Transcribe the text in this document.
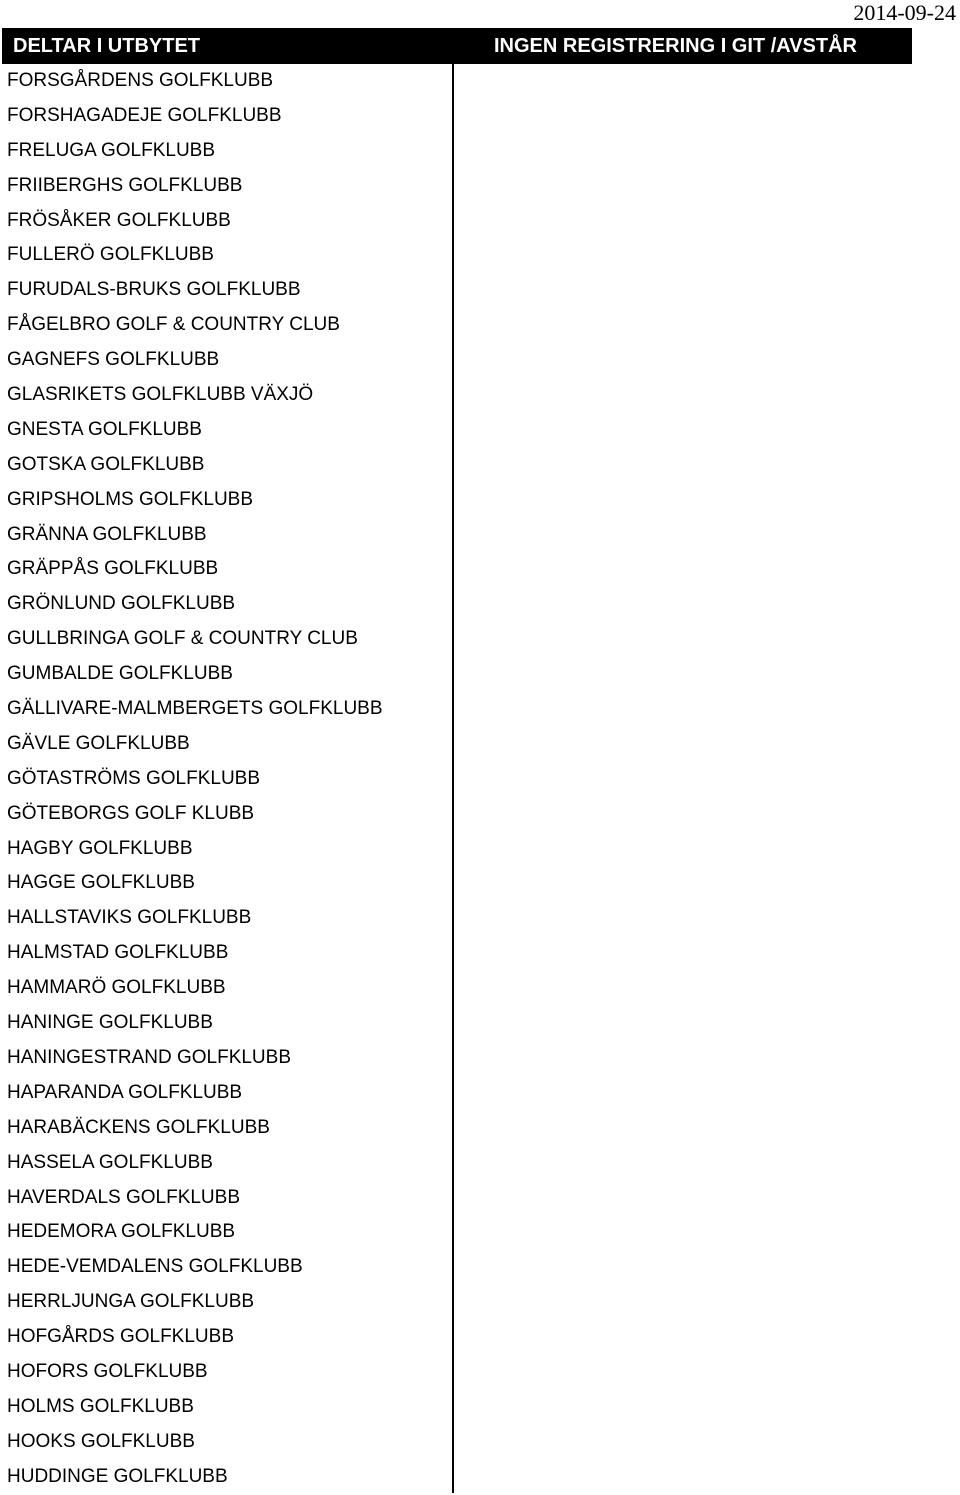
2014-09-24
DELTAR I UTBYTET	INGEN REGISTRERING I GIT /AVSTÅR
FORSGÅRDENS GOLFKLUBB
FORSHAGADEJE GOLFKLUBB
FRELUGA GOLFKLUBB
FRIIBERGHS GOLFKLUBB
FRÖSÅKER GOLFKLUBB
FULLERÖ GOLFKLUBB
FURUDALS-BRUKS GOLFKLUBB
FÅGELBRO GOLF & COUNTRY CLUB
GAGNEFS GOLFKLUBB
GLASRIKETS GOLFKLUBB VÄXJÖ
GNESTA GOLFKLUBB
GOTSKA GOLFKLUBB
GRIPSHOLMS GOLFKLUBB
GRÄNNA GOLFKLUBB
GRÄPPÅS GOLFKLUBB
GRÖNLUND GOLFKLUBB
GULLBRINGA GOLF & COUNTRY CLUB
GUMBALDE GOLFKLUBB
GÄLLIVARE-MALMBERGETS GOLFKLUBB
GÄVLE GOLFKLUBB
GÖTASTRÖMS GOLFKLUBB
GÖTEBORGS GOLF KLUBB
HAGBY GOLFKLUBB
HAGGE GOLFKLUBB
HALLSTAVIKS GOLFKLUBB
HALMSTAD GOLFKLUBB
HAMMARÖ GOLFKLUBB
HANINGE GOLFKLUBB
HANINGESTRAND GOLFKLUBB
HAPARANDA GOLFKLUBB
HARABÄCKENS GOLFKLUBB
HASSELA GOLFKLUBB
HAVERDALS GOLFKLUBB
HEDEMORA GOLFKLUBB
HEDE-VEMDALENS GOLFKLUBB
HERRLJUNGA GOLFKLUBB
HOFGÅRDS GOLFKLUBB
HOFORS GOLFKLUBB
HOLMS GOLFKLUBB
HOOKS GOLFKLUBB
HUDDINGE GOLFKLUBB
